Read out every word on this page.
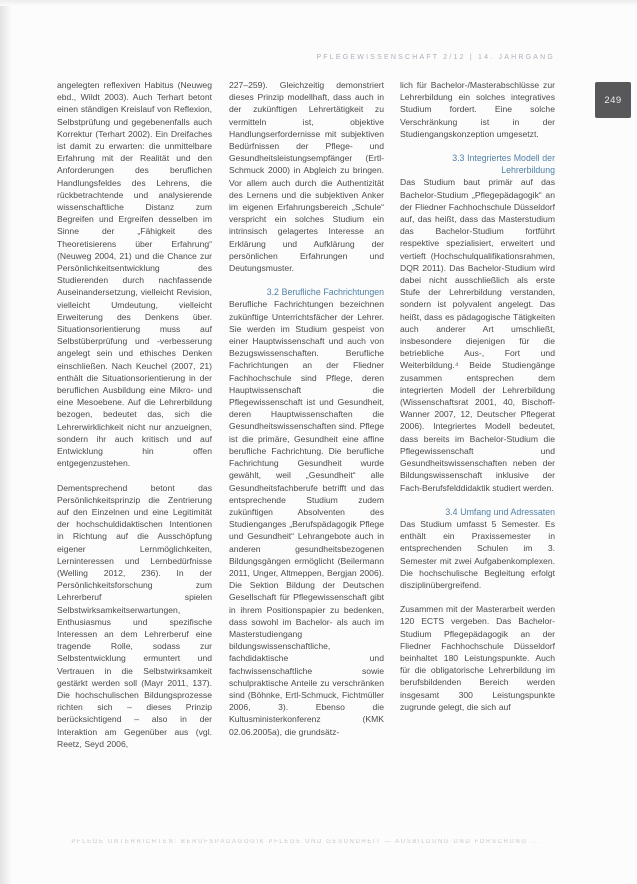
PFLEGEWISSENSCHAFT 2/12 | 14. JAHRGANG
249

angelegten reflexiven Habitus (Neuweg ebd., Wildt 2003). Auch Terhart betont einen ständigen Kreislauf von Reflexion, Selbstprüfung und gegebenenfalls auch Korrektur (Terhart 2002). Ein Dreifaches ist damit zu erwarten: die unmittelbare Erfahrung mit der Realität und den Anforderungen des beruflichen Handlungsfeldes des Lehrens, die rückbetrachtende und analysierende wissenschaftliche Distanz zum Begreifen und Ergreifen desselben im Sinne der „Fähigkeit des Theoretisierens über Erfahrung“ (Neuweg 2004, 21) und die Chance zur Persönlichkeitsentwicklung des Studierenden durch nachfassende Auseinandersetzung, vielleicht Revision, vielleicht Umdeutung, vielleicht Erweiterung des Denkens über. Situationsorientierung muss auf Selbstüberprüfung und -verbesserung angelegt sein und ethisches Denken einschließen. Nach Keuchel (2007, 21) enthält die Situationsorientierung in der beruflichen Ausbildung eine Mikro- und eine Mesoebene. Auf die Lehrerbildung bezogen, bedeutet das, sich die Lehrerwirklichkeit nicht nur anzueignen, sondern ihr auch kritisch und auf Entwicklung hin offen entgegenzustehen.

Dementsprechend betont das Persönlichkeitsprinzip die Zentrierung auf den Einzelnen und eine Legitimität der hochschuldidaktischen Intentionen in Richtung auf die Ausschöpfung eigener Lernmöglichkeiten, Lerninteressen und Lernbedürfnisse (Welling 2012, 236). In der Persönlichkeitsforschung zum Lehrerberuf spielen Selbstwirksamkeitserwartungen, Enthusiasmus und spezifische Interessen an dem Lehrerberuf eine tragende Rolle, sodass zur Selbstentwicklung ermuntert und Vertrauen in die Selbstwirksamkeit gestärkt werden soll (Mayr 2011, 137). Die hochschulischen Bildungsprozesse richten sich – dieses Prinzip berücksichtigend – also in der Interaktion am Gegenüber aus (vgl. Reetz, Seyd 2006,

227–259). Gleichzeitig demonstriert dieses Prinzip modellhaft, dass auch in der zukünftigen Lehrertätigkeit zu vermitteln ist, objektive Handlungserfordernisse mit subjektiven Bedürfnissen der Pflege- und Gesundheitsleistungsempfänger (Ertl-Schmuck 2000) in Abgleich zu bringen. Vor allem auch durch die Authentizität des Lernens und die subjektiven Anker im eigenen Erfahrungsbereich „Schule“ verspricht ein solches Studium ein intrinsisch gelagertes Interesse an Erklärung und Aufklärung der persönlichen Erfahrungen und Deutungsmuster.

3.2 Berufliche Fachrichtungen

Berufliche Fachrichtungen bezeichnen zukünftige Unterrichtsfächer der Lehrer. Sie werden im Studium gespeist von einer Hauptwissenschaft und auch von Bezugswissenschaften. Berufliche Fachrichtungen an der Fliedner Fachhochschule sind Pflege, deren Hauptwissenschaft die Pflegewissenschaft ist und Gesundheit, deren Hauptwissenschaften die Gesundheitswissenschaften sind. Pflege ist die primäre, Gesundheit eine affine berufliche Fachrichtung. Die berufliche Fachrichtung Gesundheit wurde gewählt, weil „Gesundheit“ alle Gesundheitsfachberufe betrifft und das entsprechende Studium zudem zukünftigen Absolventen des Studienganges „Berufspädagogik Pflege und Gesundheit“ Lehrangebote auch in anderen gesundheitsbezogenen Bildungsgängen ermöglicht (Beilermann 2011, Unger, Altmeppen, Bergjan 2006). Die Sektion Bildung der Deutschen Gesellschaft für Pflegewissenschaft gibt in ihrem Positionspapier zu bedenken, dass sowohl im Bachelor- als auch im Masterstudiengang bildungswissenschaftliche, fachdidaktische und fachwissenschaftliche sowie schulpraktische Anteile zu verschränken sind (Böhnke, Ertl-Schmuck, Fichtmüller 2006, 3). Ebenso die Kultusministerkonferenz (KMK 02.06.2005a), die grundsätz-

lich für Bachelor-/Masterabschlüsse zur Lehrerbildung ein solches integratives Studium fordert. Eine solche Verschränkung ist in der Studiengangskonzeption umgesetzt.

3.3 Integriertes Modell der Lehrerbildung

Das Studium baut primär auf das Bachelor-Studium „Pflegepädagogik“ an der Fliedner Fachhochschule Düsseldorf auf, das heißt, dass das Masterstudium das Bachelor-Studium fortführt respektive spezialisiert, erweitert und vertieft (Hochschulqualifikationsrahmen, DQR 2011). Das Bachelor-Studium wird dabei nicht ausschließlich als erste Stufe der Lehrerbildung verstanden, sondern ist polyvalent angelegt. Das heißt, dass es pädagogische Tätigkeiten auch anderer Art umschließt, insbesondere diejenigen für die betriebliche Aus-, Fort und Weiterbildung.⁴ Beide Studiengänge zusammen entsprechen dem integrierten Modell der Lehrerbildung (Wissenschaftsrat 2001, 40, Bischoff-Wanner 2007, 12, Deutscher Pflegerat 2006). Integriertes Modell bedeutet, dass bereits im Bachelor-Studium die Pflegewissenschaft und Gesundheitswissenschaften neben der Bildungswissenschaft inklusive der Fach-Berufsfelddidaktik studiert werden.

3.4 Umfang und Adressaten

Das Studium umfasst 5 Semester. Es enthält ein Praxissemester in entsprechenden Schulen im 3. Semester mit zwei Aufgabenkomplexen. Die hochschulische Begleitung erfolgt disziplinübergreifend.

Zusammen mit der Masterarbeit werden 120 ECTS vergeben. Das Bachelor-Studium Pflegepädagogik an der Fliedner Fachhochschule Düsseldorf beinhaltet 180 Leistungspunkte. Auch für die obligatorische Lehrerbildung im berufsbildenden Bereich werden insgesamt 300 Leistungspunkte zugrunde gelegt, die sich auf

PFLEGE UNTERRICHTEN: BERUFSPÄDAGOGIK PFLEGE UND GESUNDHEIT — AUSBILDUNG UND FORSCHUNG ...
